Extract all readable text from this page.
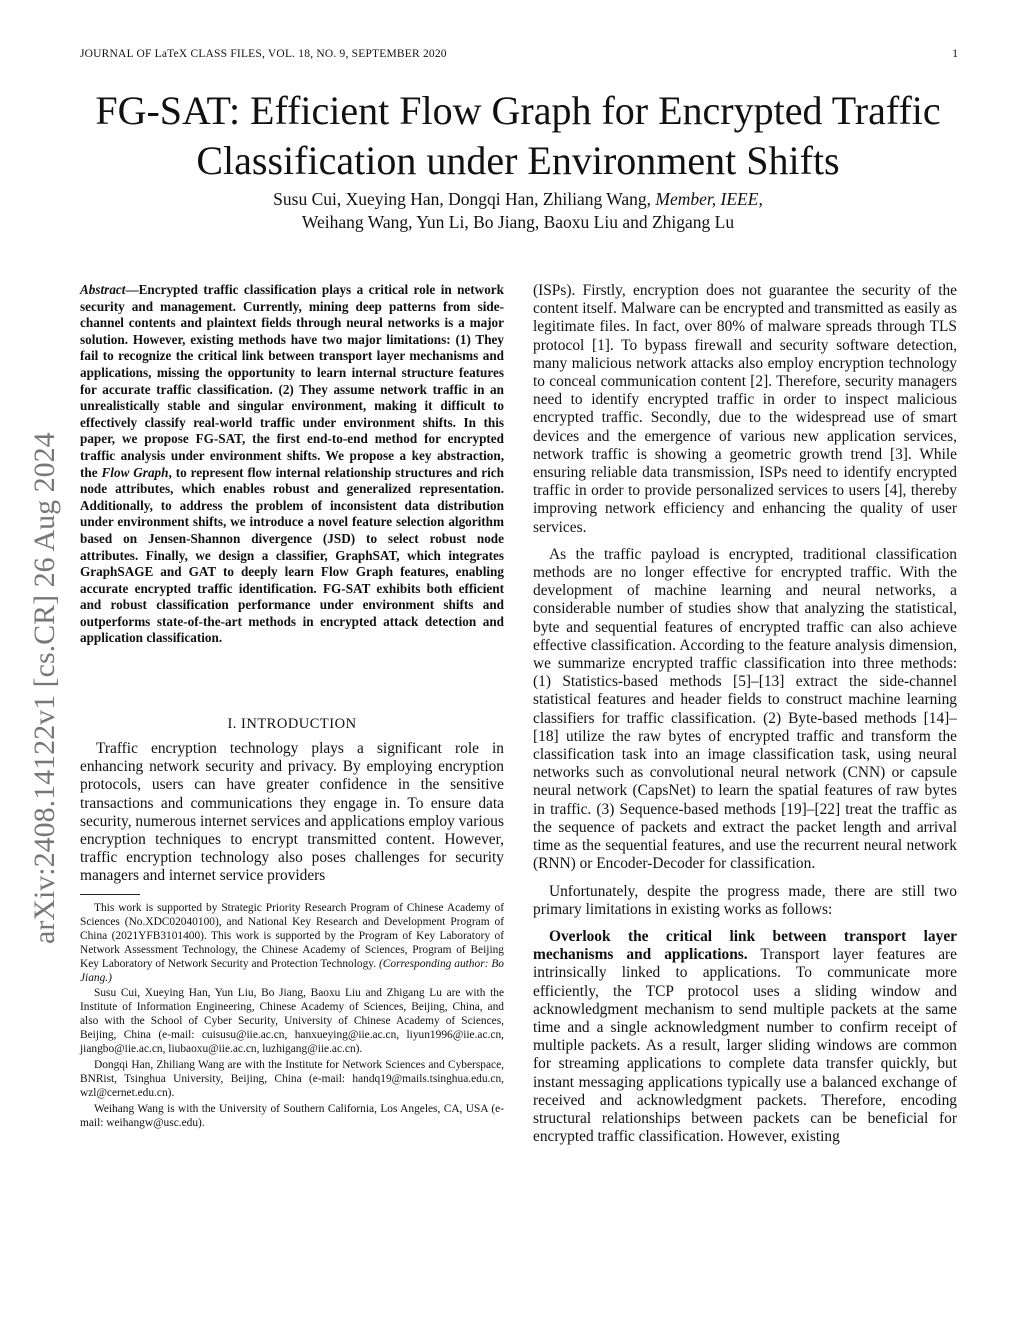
JOURNAL OF LaTeX CLASS FILES, VOL. 18, NO. 9, SEPTEMBER 2020	1
arXiv:2408.14122v1 [cs.CR] 26 Aug 2024
FG-SAT: Efficient Flow Graph for Encrypted Traffic
Classification under Environment Shifts
Susu Cui, Xueying Han, Dongqi Han, Zhiliang Wang, Member, IEEE,
Weihang Wang, Yun Li, Bo Jiang, Baoxu Liu and Zhigang Lu
Abstract—Encrypted traffic classification plays a critical role in network security and management. Currently, mining deep patterns from side-channel contents and plaintext fields through neural networks is a major solution. However, existing methods have two major limitations: (1) They fail to recognize the critical link between transport layer mechanisms and applications, missing the opportunity to learn internal structure features for accurate traffic classification. (2) They assume network traffic in an unrealistically stable and singular environment, making it difficult to effectively classify real-world traffic under environment shifts. In this paper, we propose FG-SAT, the first end-to-end method for encrypted traffic analysis under environment shifts. We propose a key abstraction, the Flow Graph, to represent flow internal relationship structures and rich node attributes, which enables robust and generalized representation. Additionally, to address the problem of inconsistent data distribution under environment shifts, we introduce a novel feature selection algorithm based on Jensen-Shannon divergence (JSD) to select robust node attributes. Finally, we design a classifier, GraphSAT, which integrates GraphSAGE and GAT to deeply learn Flow Graph features, enabling accurate encrypted traffic identification. FG-SAT exhibits both efficient and robust classification performance under environment shifts and outperforms state-of-the-art methods in encrypted attack detection and application classification.
I. INTRODUCTION

Traffic encryption technology plays a significant role in enhancing network security and privacy. By employing encryption protocols, users can have greater confidence in the sensitive transactions and communications they engage in. To ensure data security, numerous internet services and applications employ various encryption techniques to encrypt transmitted content. However, traffic encryption technology also poses challenges for security managers and internet service providers

This work is supported by Strategic Priority Research Program of Chinese Academy of Sciences (No.XDC02040100), and National Key Research and Development Program of China (2021YFB3101400). This work is supported by the Program of Key Laboratory of Network Assessment Technology, the Chinese Academy of Sciences, Program of Beijing Key Laboratory of Network Security and Protection Technology. (Corresponding author: Bo Jiang.)

Susu Cui, Xueying Han, Yun Liu, Bo Jiang, Baoxu Liu and Zhigang Lu are with the Institute of Information Engineering, Chinese Academy of Sciences, Beijing, China, and also with the School of Cyber Security, University of Chinese Academy of Sciences, Beijing, China (e-mail: cuisusu@iie.ac.cn, hanxueying@iie.ac.cn, liyun1996@iie.ac.cn, jiangbo@iie.ac.cn, liubaoxu@iie.ac.cn, luzhigang@iie.ac.cn).

Dongqi Han, Zhiliang Wang are with the Institute for Network Sciences and Cyberspace, BNRist, Tsinghua University, Beijing, China (e-mail: handq19@mails.tsinghua.edu.cn, wzl@cernet.edu.cn).

Weihang Wang is with the University of Southern California, Los Angeles, CA, USA (e-mail: weihangw@usc.edu).

(ISPs). Firstly, encryption does not guarantee the security of the content itself. Malware can be encrypted and transmitted as easily as legitimate files. In fact, over 80% of malware spreads through TLS protocol [1]. To bypass firewall and security software detection, many malicious network attacks also employ encryption technology to conceal communication content [2]. Therefore, security managers need to identify encrypted traffic in order to inspect malicious encrypted traffic. Secondly, due to the widespread use of smart devices and the emergence of various new application services, network traffic is showing a geometric growth trend [3]. While ensuring reliable data transmission, ISPs need to identify encrypted traffic in order to provide personalized services to users [4], thereby improving network efficiency and enhancing the quality of user services.

As the traffic payload is encrypted, traditional classification methods are no longer effective for encrypted traffic. With the development of machine learning and neural networks, a considerable number of studies show that analyzing the statistical, byte and sequential features of encrypted traffic can also achieve effective classification. According to the feature analysis dimension, we summarize encrypted traffic classification into three methods: (1) Statistics-based methods [5]–[13] extract the side-channel statistical features and header fields to construct machine learning classifiers for traffic classification. (2) Byte-based methods [14]–[18] utilize the raw bytes of encrypted traffic and transform the classification task into an image classification task, using neural networks such as convolutional neural network (CNN) or capsule neural network (CapsNet) to learn the spatial features of raw bytes in traffic. (3) Sequence-based methods [19]–[22] treat the traffic as the sequence of packets and extract the packet length and arrival time as the sequential features, and use the recurrent neural network (RNN) or Encoder-Decoder for classification.

Unfortunately, despite the progress made, there are still two primary limitations in existing works as follows:

Overlook the critical link between transport layer mechanisms and applications. Transport layer features are intrinsically linked to applications. To communicate more efficiently, the TCP protocol uses a sliding window and acknowledgment mechanism to send multiple packets at the same time and a single acknowledgment number to confirm receipt of multiple packets. As a result, larger sliding windows are common for streaming applications to complete data transfer quickly, but instant messaging applications typically use a balanced exchange of received and acknowledgment packets. Therefore, encoding structural relationships between packets can be beneficial for encrypted traffic classification. However, existing
